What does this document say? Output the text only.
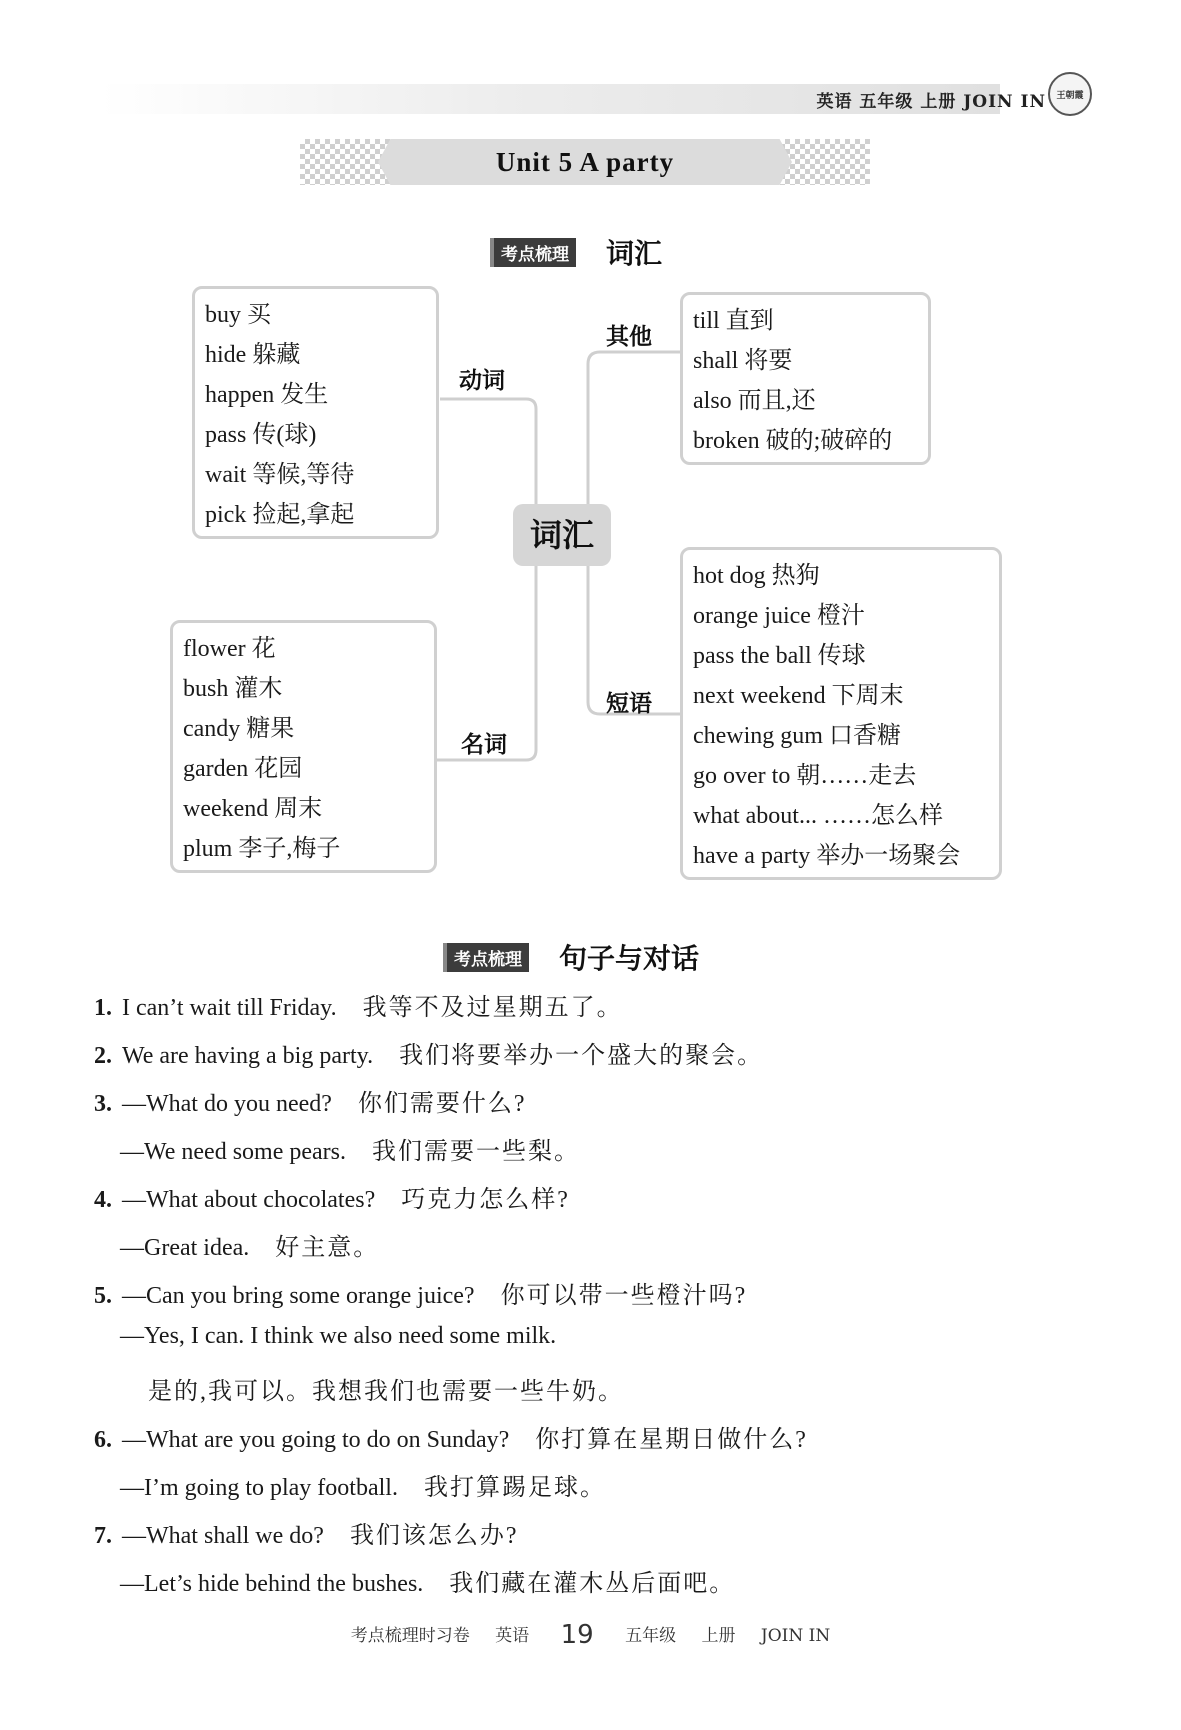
英语 五年级 上册 JOIN IN 王朝霞
Unit 5 A party
考点梳理 词汇
词汇
buy 买
hide 躲藏
happen 发生
pass 传(球)
wait 等候,等待
pick 捡起,拿起
动词
till 直到
shall 将要
also 而且,还
broken 破的;破碎的
其他
flower 花
bush 灌木
candy 糖果
garden 花园
weekend 周末
plum 李子,梅子
名词
hot dog 热狗
orange juice 橙汁
pass the ball 传球
next weekend 下周末
chewing gum 口香糖
go over to 朝……走去
what about... ……怎么样
have a party 举办一场聚会
短语
考点梳理 句子与对话
1. I can’t wait till Friday. 我等不及过星期五了。
2. We are having a big party. 我们将要举办一个盛大的聚会。
3. —What do you need? 你们需要什么?
—We need some pears. 我们需要一些梨。
4. —What about chocolates? 巧克力怎么样?
—Great idea. 好主意。
5. —Can you bring some orange juice? 你可以带一些橙汁吗?
—Yes, I can. I think we also need some milk.
是的,我可以。我想我们也需要一些牛奶。
6. —What are you going to do on Sunday? 你打算在星期日做什么?
—I’m going to play football. 我打算踢足球。
7. —What shall we do? 我们该怎么办?
—Let’s hide behind the bushes. 我们藏在灌木丛后面吧。
考点梳理时习卷 英语 19 五年级 上册 JOIN IN
